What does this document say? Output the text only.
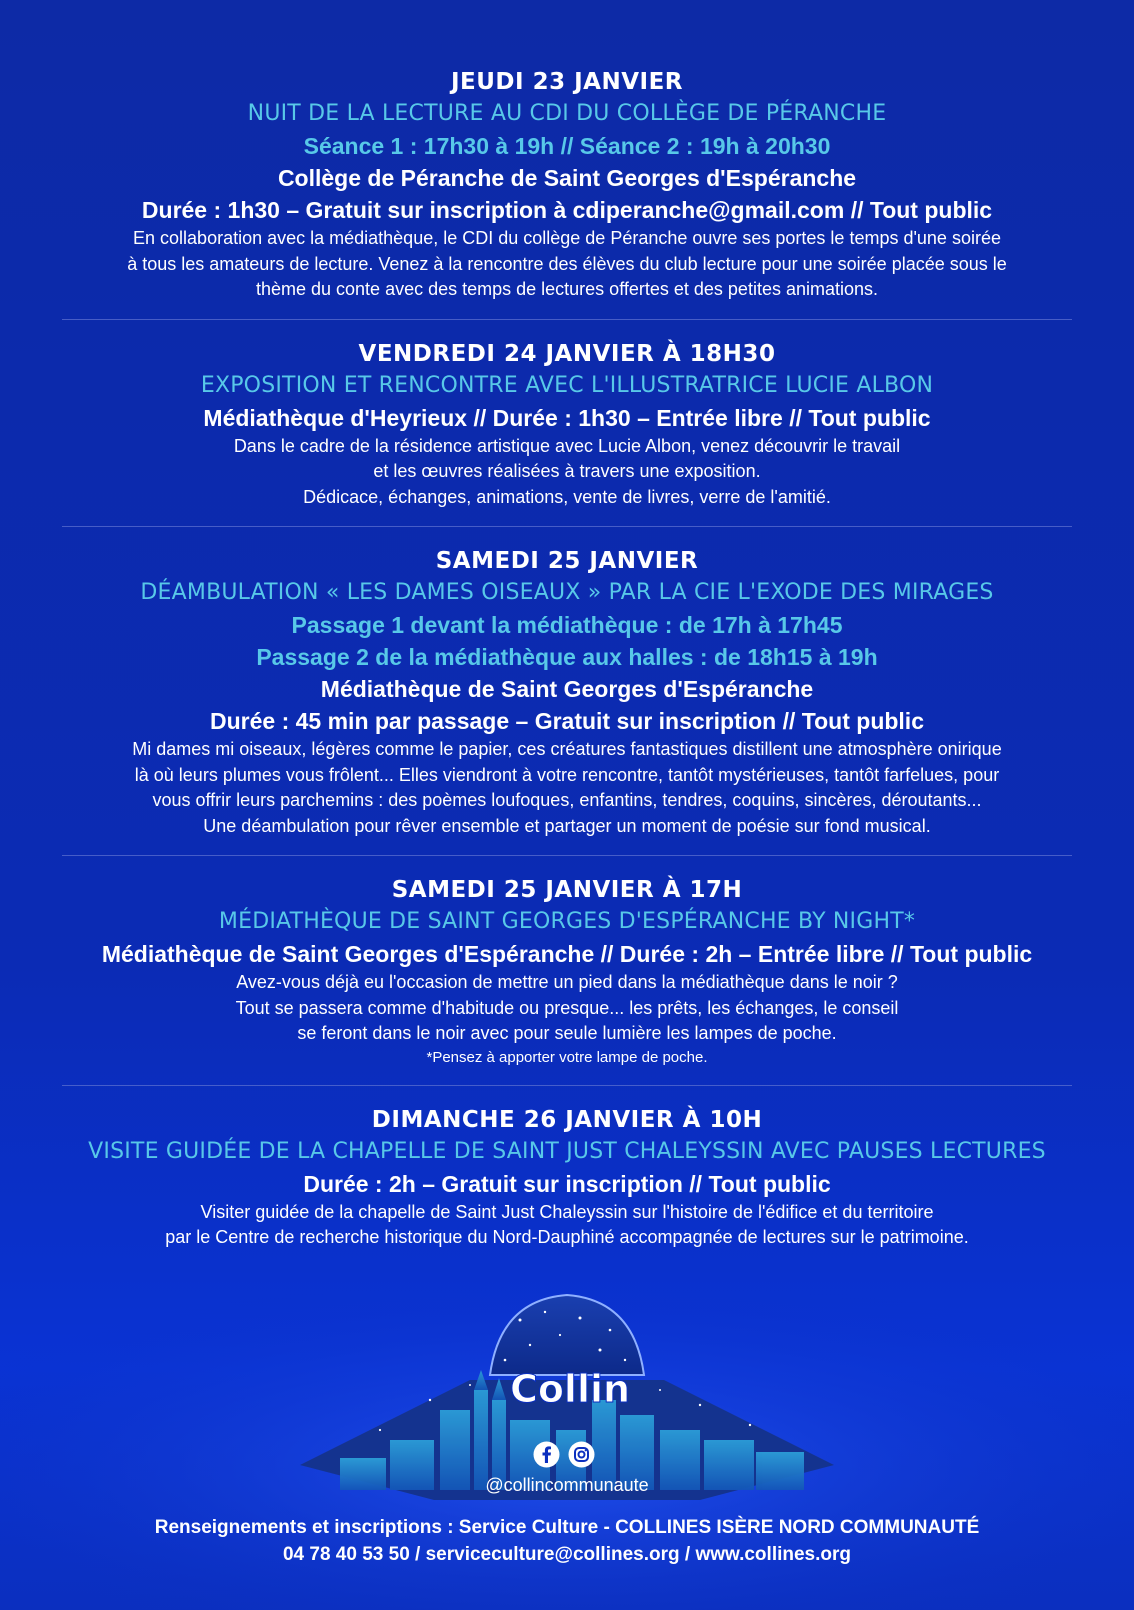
JEUDI 23 JANVIER
NUIT DE LA LECTURE AU CDI DU COLLÈGE DE PÉRANCHE
Séance 1 : 17h30 à 19h // Séance 2 : 19h à 20h30
Collège de Péranche de Saint Georges d'Espéranche
Durée : 1h30 – Gratuit sur inscription à cdiperanche@gmail.com // Tout public
En collaboration avec la médiathèque, le CDI du collège de Péranche ouvre ses portes le temps d'une soirée
à tous les amateurs de lecture. Venez à la rencontre des élèves du club lecture pour une soirée placée sous le
thème du conte avec des temps de lectures offertes et des petites animations.
VENDREDI 24 JANVIER À 18H30
EXPOSITION ET RENCONTRE AVEC L'ILLUSTRATRICE LUCIE ALBON
Médiathèque d'Heyrieux // Durée : 1h30 – Entrée libre // Tout public
Dans le cadre de la résidence artistique avec Lucie Albon, venez découvrir le travail
et les œuvres réalisées à travers une exposition.
Dédicace, échanges, animations, vente de livres, verre de l'amitié.
SAMEDI 25 JANVIER
DÉAMBULATION « LES DAMES OISEAUX » PAR LA CIE L'EXODE DES MIRAGES
Passage 1 devant la médiathèque : de 17h à 17h45
Passage 2 de la médiathèque aux halles : de 18h15 à 19h
Médiathèque de Saint Georges d'Espéranche
Durée : 45 min par passage – Gratuit sur inscription // Tout public
Mi dames mi oiseaux, légères comme le papier, ces créatures fantastiques distillent une atmosphère onirique
là où leurs plumes vous frôlent... Elles viendront à votre rencontre, tantôt mystérieuses, tantôt farfelues, pour
vous offrir leurs parchemins : des poèmes loufoques, enfantins, tendres, coquins, sincères, déroutants...
Une déambulation pour rêver ensemble et partager un moment de poésie sur fond musical.
SAMEDI 25 JANVIER À 17H
MÉDIATHÈQUE DE SAINT GEORGES D'ESPÉRANCHE BY NIGHT*
Médiathèque de Saint Georges d'Espéranche // Durée : 2h – Entrée libre // Tout public
Avez-vous déjà eu l'occasion de mettre un pied dans la médiathèque dans le noir ?
Tout se passera comme d'habitude ou presque... les prêts, les échanges, le conseil
se feront dans le noir avec pour seule lumière les lampes de poche.
*Pensez à apporter votre lampe de poche.
DIMANCHE 26 JANVIER À 10H
VISITE GUIDÉE DE LA CHAPELLE DE SAINT JUST CHALEYSSIN AVEC PAUSES LECTURES
Durée : 2h – Gratuit sur inscription // Tout public
Visiter guidée de la chapelle de Saint Just Chaleyssin sur l'histoire de l'édifice et du territoire
par le Centre de recherche historique du Nord-Dauphiné accompagnée de lectures sur le patrimoine.
Collin

@collincommunaute
Renseignements et inscriptions : Service Culture - COLLINES ISÈRE NORD COMMUNAUTÉ
04 78 40 53 50 / serviceculture@collines.org / www.collines.org
